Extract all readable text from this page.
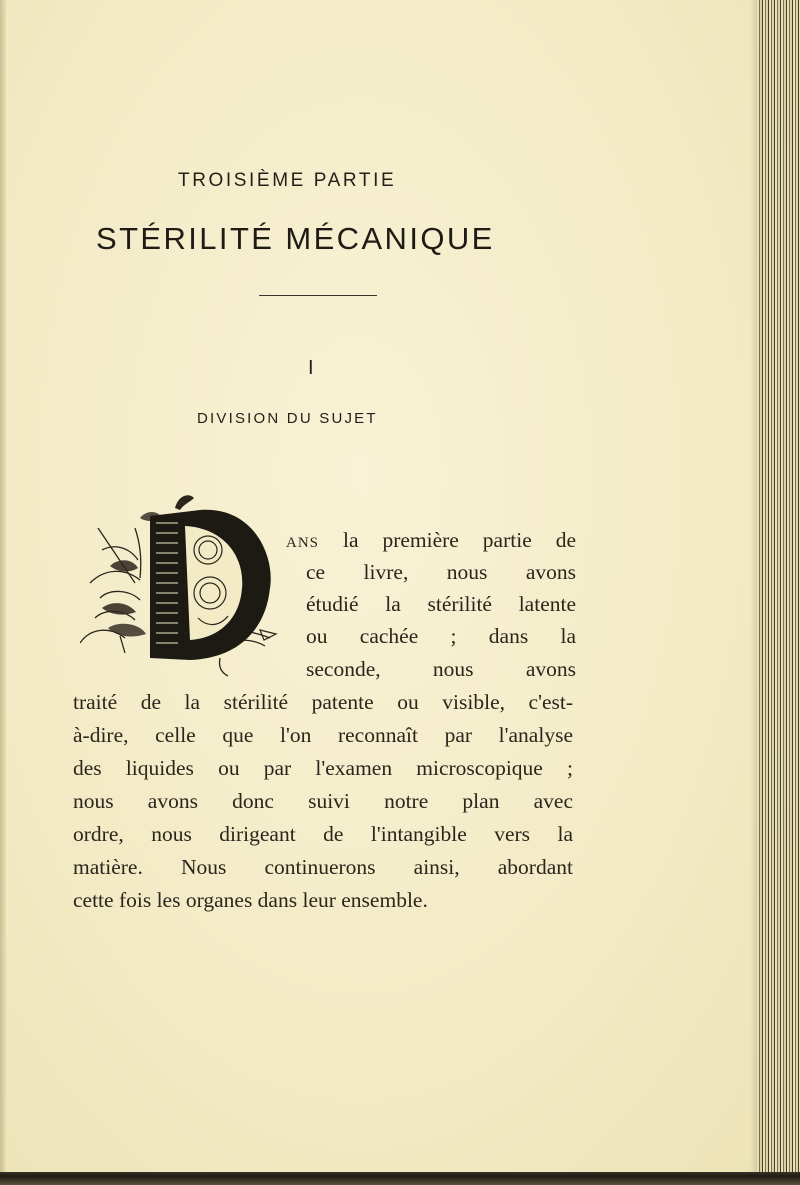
TROISIÈME PARTIE
STÉRILITÉ MÉCANIQUE
I
DIVISION DU SUJET
ANS la première partie de
ce livre, nous avons
étudié la stérilité latente
ou cachée ; dans la
seconde, nous avons
traité de la stérilité patente ou visible, c'est-
à-dire, celle que l'on reconnaît par l'analyse
des liquides ou par l'examen microscopique ;
nous avons donc suivi notre plan avec
ordre, nous dirigeant de l'intangible vers la
matière. Nous continuerons ainsi, abordant
cette fois les organes dans leur ensemble.
